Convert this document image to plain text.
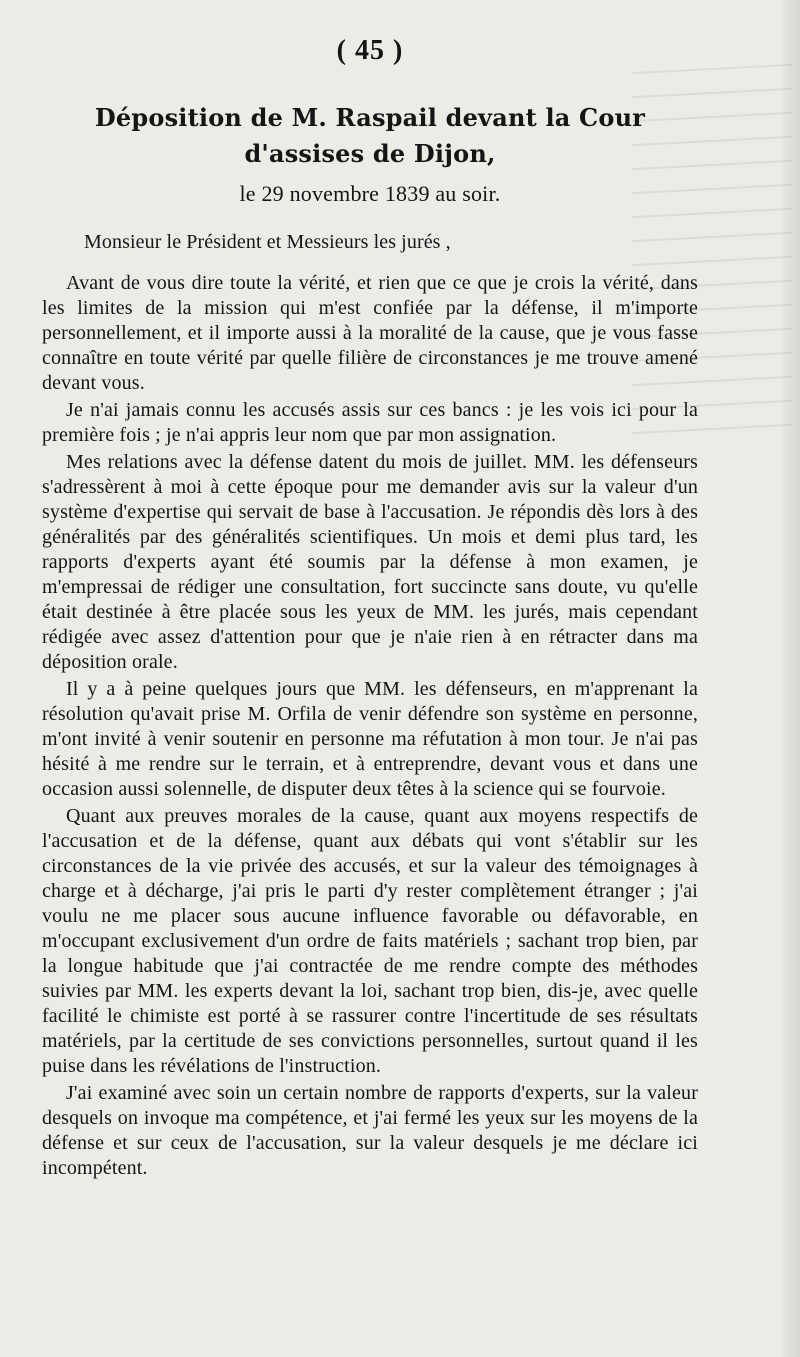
( 45 )
Déposition de M. Raspail devant la Cour
d'assises de Dijon,
le 29 novembre 1839 au soir.
Monsieur le Président et Messieurs les jurés ,

Avant de vous dire toute la vérité, et rien que ce que je crois la vérité, dans les limites de la mission qui m'est confiée par la défense, il m'importe personnellement, et il importe aussi à la moralité de la cause, que je vous fasse connaître en toute vérité par quelle filière de circonstances je me trouve amené devant vous.

Je n'ai jamais connu les accusés assis sur ces bancs : je les vois ici pour la première fois ; je n'ai appris leur nom que par mon assignation.

Mes relations avec la défense datent du mois de juillet. MM. les défenseurs s'adressèrent à moi à cette époque pour me demander avis sur la valeur d'un système d'expertise qui servait de base à l'accusation. Je répondis dès lors à des généralités par des généralités scientifiques. Un mois et demi plus tard, les rapports d'experts ayant été soumis par la défense à mon examen, je m'empressai de rédiger une consultation, fort succincte sans doute, vu qu'elle était destinée à être placée sous les yeux de MM. les jurés, mais cependant rédigée avec assez d'attention pour que je n'aie rien à en rétracter dans ma déposition orale.

Il y a à peine quelques jours que MM. les défenseurs, en m'apprenant la résolution qu'avait prise M. Orfila de venir défendre son système en personne, m'ont invité à venir soutenir en personne ma réfutation à mon tour. Je n'ai pas hésité à me rendre sur le terrain, et à entreprendre, devant vous et dans une occasion aussi solennelle, de disputer deux têtes à la science qui se fourvoie.

Quant aux preuves morales de la cause, quant aux moyens respectifs de l'accusation et de la défense, quant aux débats qui vont s'établir sur les circonstances de la vie privée des accusés, et sur la valeur des témoignages à charge et à décharge, j'ai pris le parti d'y rester complètement étranger ; j'ai voulu ne me placer sous aucune influence favorable ou défavorable, en m'occupant exclusivement d'un ordre de faits matériels ; sachant trop bien, par la longue habitude que j'ai contractée de me rendre compte des méthodes suivies par MM. les experts devant la loi, sachant trop bien, dis-je, avec quelle facilité le chimiste est porté à se rassurer contre l'incertitude de ses résultats matériels, par la certitude de ses convictions personnelles, surtout quand il les puise dans les révélations de l'instruction.

J'ai examiné avec soin un certain nombre de rapports d'experts, sur la valeur desquels on invoque ma compétence, et j'ai fermé les yeux sur les moyens de la défense et sur ceux de l'accusation, sur la valeur desquels je me déclare ici incompétent.
